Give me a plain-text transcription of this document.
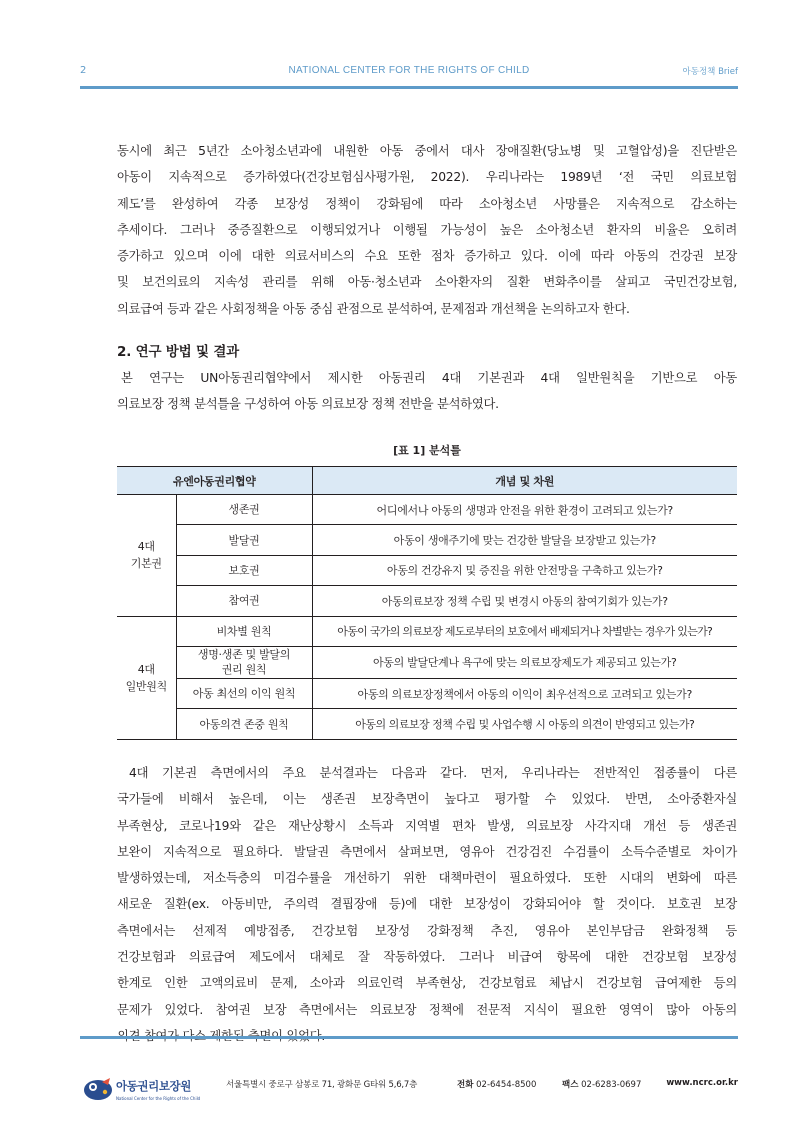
2	NATIONAL CENTER FOR THE RIGHTS OF CHILD	아동정책 Brief
동시에 최근 5년간 소아청소년과에 내원한 아동 중에서 대사 장애질환(당뇨병 및 고혈압성)을 진단받은
아동이 지속적으로 증가하였다(건강보험심사평가원, 2022). 우리나라는 1989년 ‘전 국민 의료보험
제도’를 완성하여 각종 보장성 정책이 강화됨에 따라 소아청소년 사망률은 지속적으로 감소하는
추세이다. 그러나 중증질환으로 이행되었거나 이행될 가능성이 높은 소아청소년 환자의 비율은 오히려
증가하고 있으며 이에 대한 의료서비스의 수요 또한 점차 증가하고 있다. 이에 따라 아동의 건강권 보장
및 보건의료의 지속성 관리를 위해 아동·청소년과 소아환자의 질환 변화추이를 살피고 국민건강보험,
의료급여 등과 같은 사회정책을 아동 중심 관점으로 분석하여, 문제점과 개선책을 논의하고자 한다.
2. 연구 방법 및 결과
본 연구는 UN아동권리협약에서 제시한 아동권리 4대 기본권과 4대 일반원칙을 기반으로 아동
의료보장 정책 분석틀을 구성하여 아동 의료보장 정책 전반을 분석하였다.
[표 1] 분석틀
유엔아동권리협약		개념 및 차원
4대
기본권	생존권	어디에서나 아동의 생명과 안전을 위한 환경이 고려되고 있는가?
	발달권	아동이 생애주기에 맞는 건강한 발달을 보장받고 있는가?
	보호권	아동의 건강유지 및 증진을 위한 안전망을 구축하고 있는가?
	참여권	아동의료보장 정책 수립 및 변경시 아동의 참여기회가 있는가?
4대
일반원칙	비차별 원칙	아동이 국가의 의료보장 제도로부터의 보호에서 배제되거나 차별받는 경우가 있는가?
	생명·생존 및 발달의
권리 원칙	아동의 발달단계나 욕구에 맞는 의료보장제도가 제공되고 있는가?
	아동 최선의 이익 원칙	아동의 의료보장정책에서 아동의 이익이 최우선적으로 고려되고 있는가?
	아동의견 존중 원칙	아동의 의료보장 정책 수립 및 사업수행 시 아동의 의견이 반영되고 있는가?
4대 기본권 측면에서의 주요 분석결과는 다음과 같다. 먼저, 우리나라는 전반적인 접종률이 다른
국가들에 비해서 높은데, 이는 생존권 보장측면이 높다고 평가할 수 있었다. 반면, 소아중환자실
부족현상, 코로나19와 같은 재난상황시 소득과 지역별 편차 발생, 의료보장 사각지대 개선 등 생존권
보완이 지속적으로 필요하다. 발달권 측면에서 살펴보면, 영유아 건강검진 수검률이 소득수준별로 차이가
발생하였는데, 저소득층의 미검수률을 개선하기 위한 대책마련이 필요하였다. 또한 시대의 변화에 따른
새로운 질환(ex. 아동비만, 주의력 결핍장애 등)에 대한 보장성이 강화되어야 할 것이다. 보호권 보장
측면에서는 선제적 예방접종, 건강보험 보장성 강화정책 추진, 영유아 본인부담금 완화정책 등
건강보험과 의료급여 제도에서 대체로 잘 작동하였다. 그러나 비급여 항목에 대한 건강보험 보장성
한계로 인한 고액의료비 문제, 소아과 의료인력 부족현상, 건강보험료 체납시 건강보험 급여제한 등의
문제가 있었다. 참여권 보장 측면에서는 의료보장 정책에 전문적 지식이 필요한 영역이 많아 아동의
아동권리보장원
National Center for the Rights of the Child
서울특별시 중로구 삼봉로 71, 광화문 G타워 5,6,7층	전화 02-6454-8500	팩스 02-6283-0697	www.ncrc.or.kr
